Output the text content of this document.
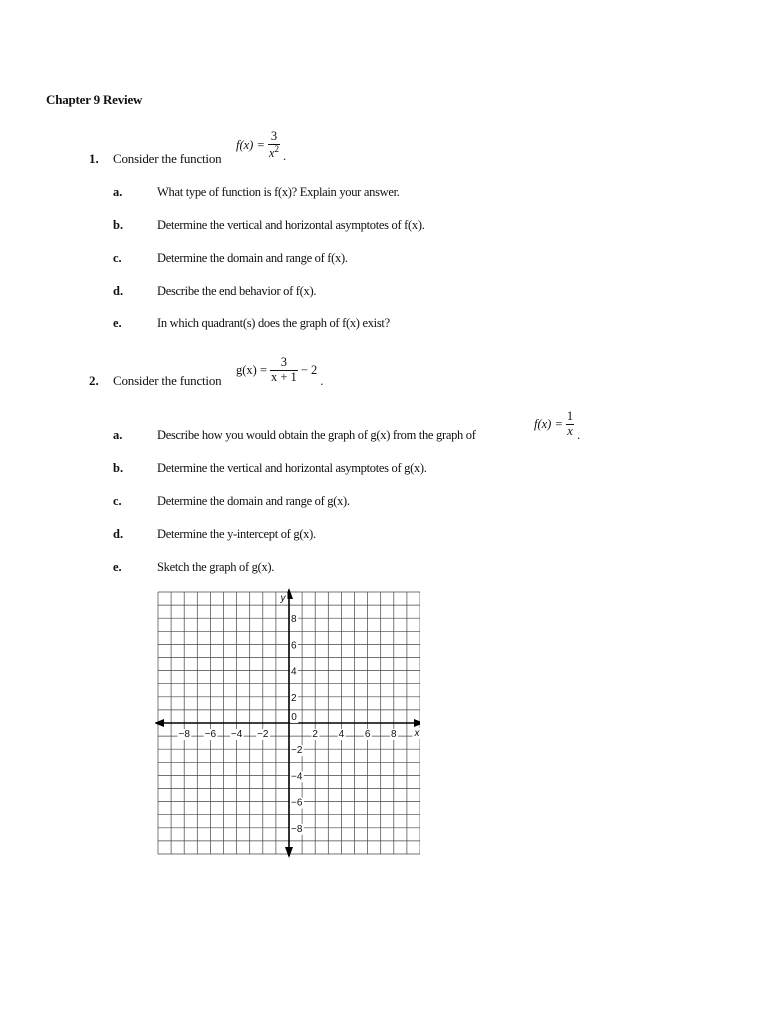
Chapter 9 Review
1. Consider the function
$f(x) = \frac{3}{x^2}$ .
a.	What type of function is f(x)? Explain your answer.
b.	Determine the vertical and horizontal asymptotes of f(x).
c.	Determine the domain and range of f(x).
d.	Describe the end behavior of f(x).
e.	In which quadrant(s) does the graph of f(x) exist?
2. Consider the function
$g(x) = \frac{3}{x + 1} - 2$
.
a.	Describe how you would obtain the graph of g(x) from the graph of
$f(x) = \frac{1}{x}$ .
b.	Determine the vertical and horizontal asymptotes of g(x).
c.	Determine the domain and range of g(x).
d.	Determine the y-intercept of g(x).
e.	Sketch the graph of g(x).
−8 −6 −4 −2	2 4 6 8
8
6
4
2
−2
−4
−6
−8
0
x
y
